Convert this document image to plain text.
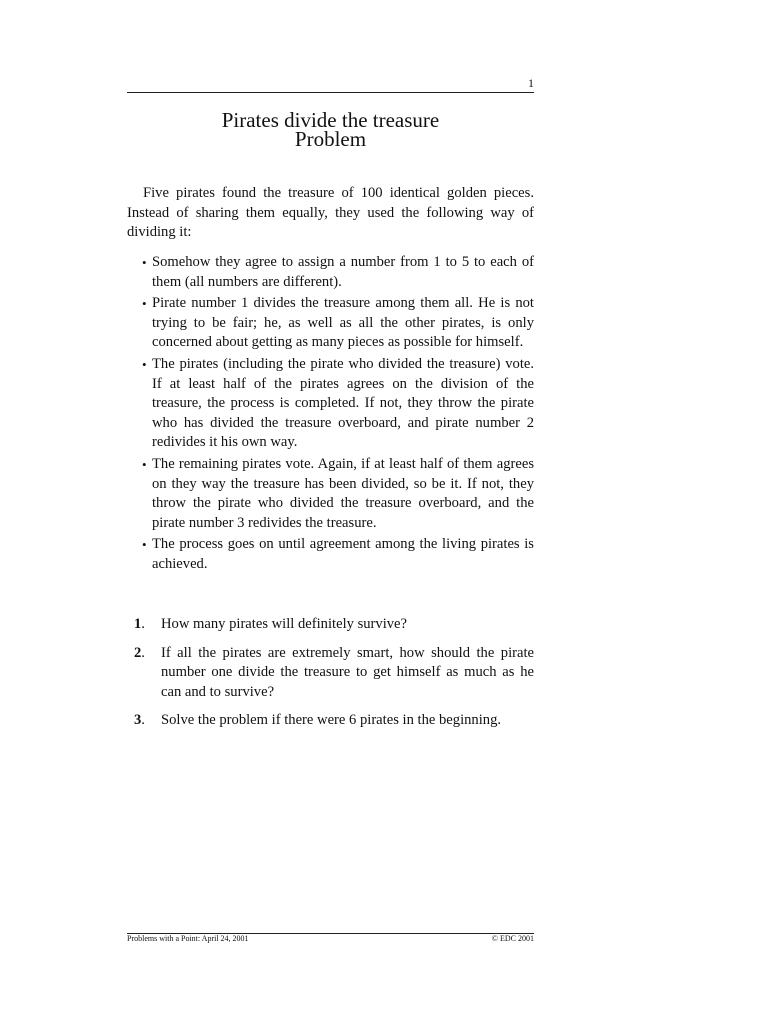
1
Pirates divide the treasure
Problem

Five pirates found the treasure of 100 identical golden pieces. Instead of sharing them equally, they used the following way of dividing it:

• Somehow they agree to assign a number from 1 to 5 to each of them (all numbers are different).
• Pirate number 1 divides the treasure among them all. He is not trying to be fair; he, as well as all the other pirates, is only concerned about getting as many pieces as possible for himself.
• The pirates (including the pirate who divided the treasure) vote. If at least half of the pirates agrees on the division of the treasure, the process is completed. If not, they throw the pirate who has divided the treasure overboard, and pirate number 2 redivides it his own way.
• The remaining pirates vote. Again, if at least half of them agrees on they way the treasure has been divided, so be it. If not, they throw the pirate who divided the treasure overboard, and the pirate number 3 redivides the treasure.
• The process goes on until agreement among the living pirates is achieved.
1. How many pirates will definitely survive?
2. If all the pirates are extremely smart, how should the pirate number one divide the treasure to get himself as much as he can and to survive?
3. Solve the problem if there were 6 pirates in the beginning.
Problems with a Point: April 24, 2001	© EDC 2001
